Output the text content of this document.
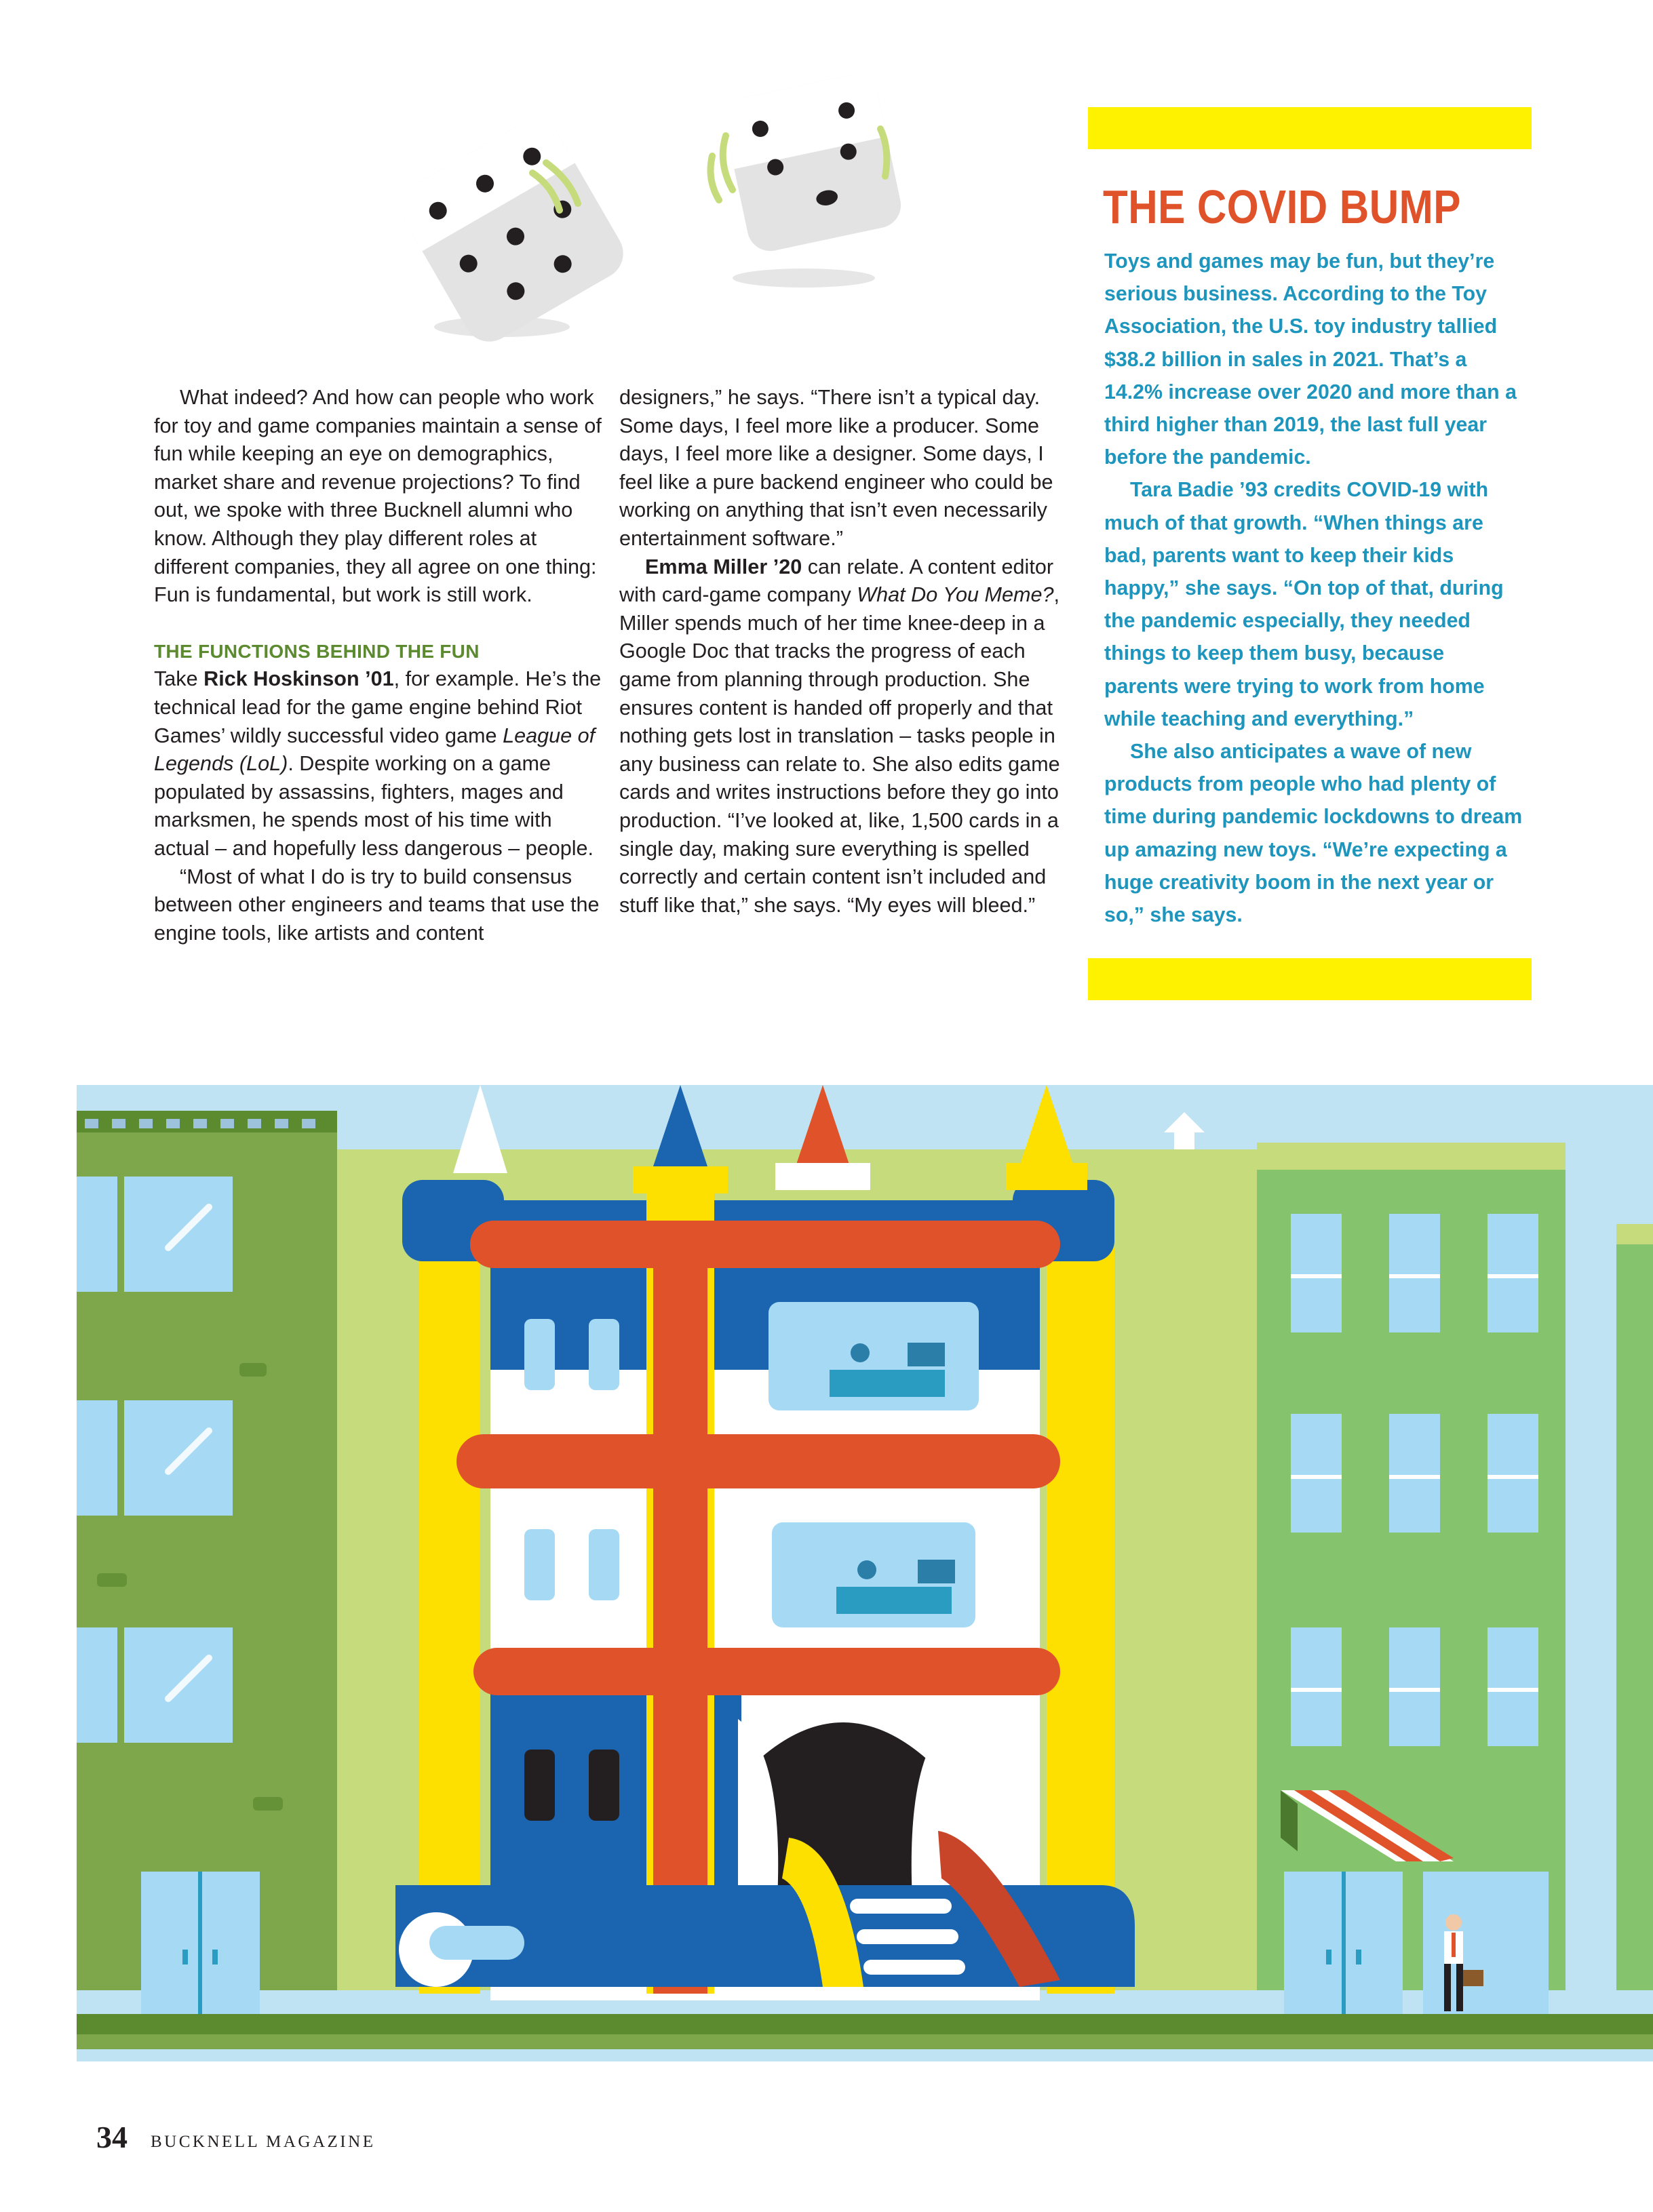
What indeed? And how can people who work for toy and game companies maintain a sense of fun while keeping an eye on demographics, market share and revenue projections? To find out, we spoke with three Bucknell alumni who know. Although they play different roles at different companies, they all agree on one thing: Fun is fundamental, but work is still work.

THE FUNCTIONS BEHIND THE FUN

Take Rick Hoskinson ’01, for example. He’s the technical lead for the game engine behind Riot Games’ wildly successful video game League of Legends (LoL). Despite working on a game populated by assassins, fighters, mages and marksmen, he spends most of his time with actual – and hopefully less dangerous – people.

“Most of what I do is try to build consensus between other engineers and teams that use the engine tools, like artists and content

designers,” he says. “There isn’t a typical day. Some days, I feel more like a producer. Some days, I feel more like a designer. Some days, I feel like a pure backend engineer who could be working on anything that isn’t even necessarily entertainment software.”

Emma Miller ’20 can relate. A content editor with card-game company What Do You Meme?, Miller spends much of her time knee-deep in a Google Doc that tracks the progress of each game from planning through production. She ensures content is handed off properly and that nothing gets lost in translation – tasks people in any business can relate to. She also edits game cards and writes instructions before they go into production. “I’ve looked at, like, 1,500 cards in a single day, making sure everything is spelled correctly and certain content isn’t included and stuff like that,” she says. “My eyes will bleed.”

THE COVID BUMP

Toys and games may be fun, but they’re serious business. According to the Toy Association, the U.S. toy industry tallied $38.2 billion in sales in 2021. That’s a 14.2% increase over 2020 and more than a third higher than 2019, the last full year before the pandemic.

Tara Badie ’93 credits COVID-19 with much of that growth. “When things are bad, parents want to keep their kids happy,” she says. “On top of that, during the pandemic especially, they needed things to keep them busy, because parents were trying to work from home while teaching and everything.”

She also anticipates a wave of new products from people who had plenty of time during pandemic lockdowns to dream up amazing new toys. “We’re expecting a huge creativity boom in the next year or so,” she says.

34 BUCKNELL MAGAZINE
